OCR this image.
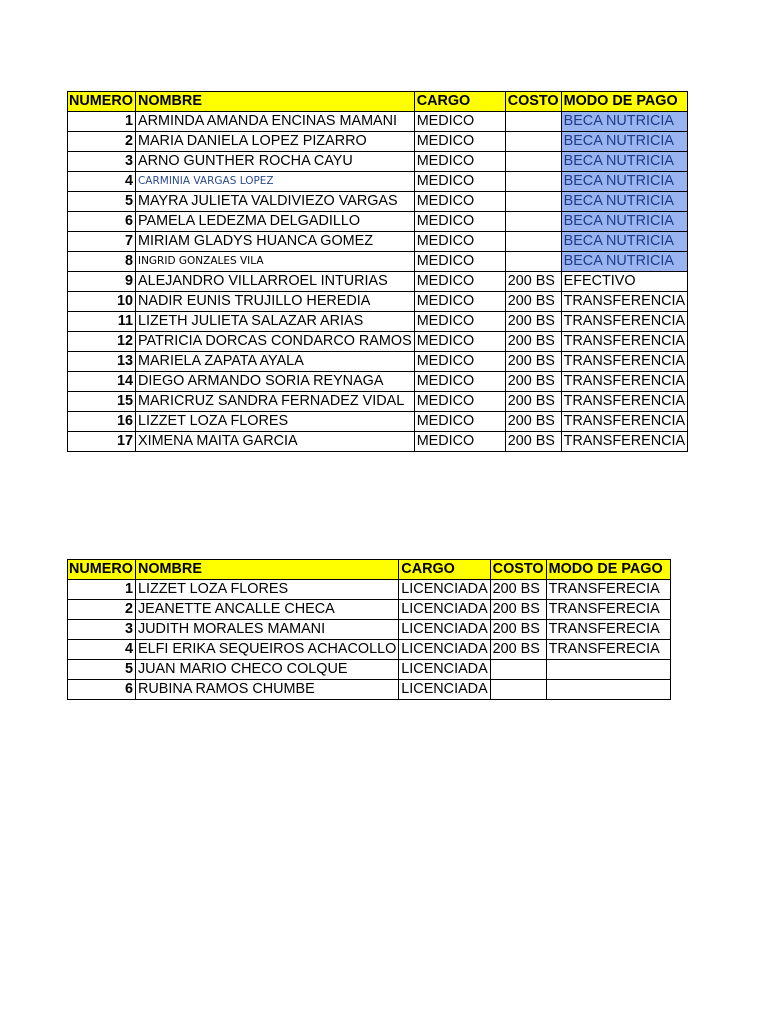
NUMERO	NOMBRE	CARGO	COSTO	MODO DE PAGO
1	ARMINDA AMANDA ENCINAS MAMANI	MEDICO		BECA NUTRICIA
2	MARIA DANIELA LOPEZ PIZARRO	MEDICO		BECA NUTRICIA
3	ARNO GUNTHER ROCHA CAYU	MEDICO		BECA NUTRICIA
4	CARMINIA VARGAS LOPEZ	MEDICO		BECA NUTRICIA
5	MAYRA JULIETA VALDIVIEZO VARGAS	MEDICO		BECA NUTRICIA
6	PAMELA LEDEZMA DELGADILLO	MEDICO		BECA NUTRICIA
7	MIRIAM GLADYS HUANCA GOMEZ	MEDICO		BECA NUTRICIA
8	INGRID GONZALES VILA	MEDICO		BECA NUTRICIA
9	ALEJANDRO VILLARROEL INTURIAS	MEDICO	200 BS	EFECTIVO
10	NADIR EUNIS TRUJILLO HEREDIA	MEDICO	200 BS	TRANSFERENCIA
11	LIZETH JULIETA SALAZAR ARIAS	MEDICO	200 BS	TRANSFERENCIA
12	PATRICIA DORCAS CONDARCO RAMOS	MEDICO	200 BS	TRANSFERENCIA
13	MARIELA ZAPATA AYALA	MEDICO	200 BS	TRANSFERENCIA
14	DIEGO ARMANDO SORIA REYNAGA	MEDICO	200 BS	TRANSFERENCIA
15	MARICRUZ SANDRA FERNADEZ VIDAL	MEDICO	200 BS	TRANSFERENCIA
16	LIZZET LOZA FLORES	MEDICO	200 BS	TRANSFERENCIA
17	XIMENA MAITA GARCIA	MEDICO	200 BS	TRANSFERENCIA
NUMERO	NOMBRE	CARGO	COSTO	MODO DE PAGO
1	LIZZET LOZA FLORES	LICENCIADA	200 BS	TRANSFERECIA
2	JEANETTE ANCALLE CHECA	LICENCIADA	200 BS	TRANSFERECIA
3	JUDITH MORALES MAMANI	LICENCIADA	200 BS	TRANSFERECIA
4	ELFI ERIKA SEQUEIROS ACHACOLLO	LICENCIADA	200 BS	TRANSFERECIA
5	JUAN MARIO CHECO COLQUE	LICENCIADA		
6	RUBINA RAMOS CHUMBE	LICENCIADA		
